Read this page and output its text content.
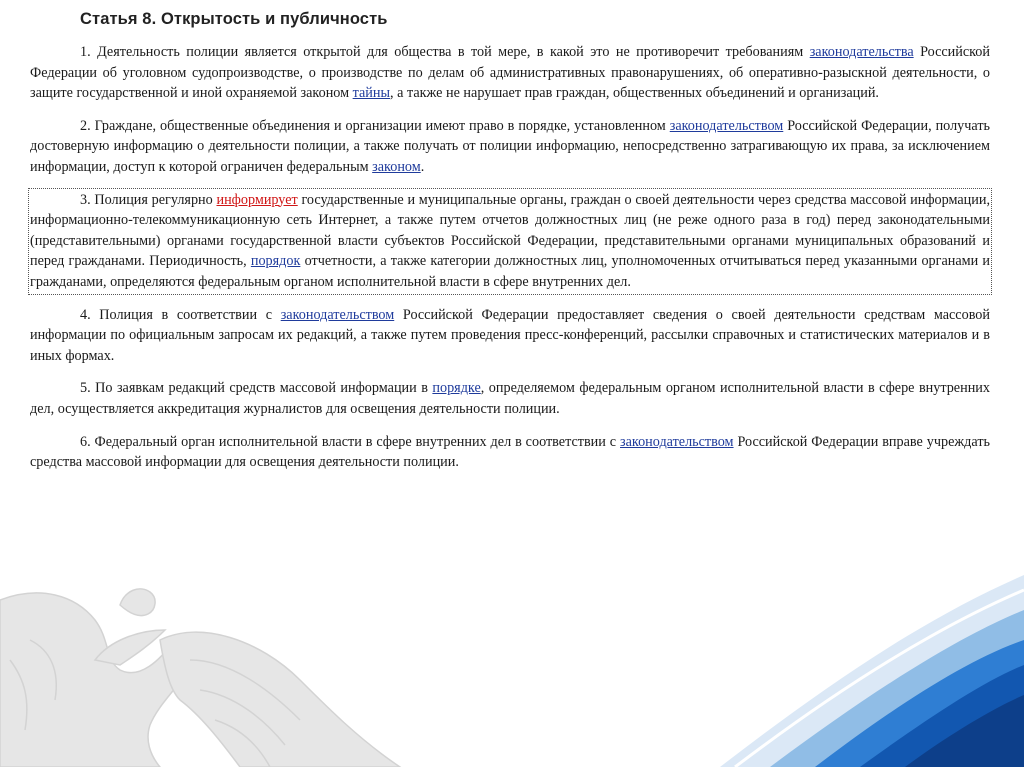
Статья 8. Открытость и публичность

1. Деятельность полиции является открытой для общества в той мере, в какой это не противоречит требованиям законодательства Российской Федерации об уголовном судопроизводстве, о производстве по делам об административных правонарушениях, об оперативно-разыскной деятельности, о защите государственной и иной охраняемой законом тайны, а также не нарушает прав граждан, общественных объединений и организаций.

2. Граждане, общественные объединения и организации имеют право в порядке, установленном законодательством Российской Федерации, получать достоверную информацию о деятельности полиции, а также получать от полиции информацию, непосредственно затрагивающую их права, за исключением информации, доступ к которой ограничен федеральным законом.

3. Полиция регулярно информирует государственные и муниципальные органы, граждан о своей деятельности через средства массовой информации, информационно-телекоммуникационную сеть Интернет, а также путем отчетов должностных лиц (не реже одного раза в год) перед законодательными (представительными) органами государственной власти субъектов Российской Федерации, представительными органами муниципальных образований и перед гражданами. Периодичность, порядок отчетности, а также категории должностных лиц, уполномоченных отчитываться перед указанными органами и гражданами, определяются федеральным органом исполнительной власти в сфере внутренних дел.

4. Полиция в соответствии с законодательством Российской Федерации предоставляет сведения о своей деятельности средствам массовой информации по официальным запросам их редакций, а также путем проведения пресс-конференций, рассылки справочных и статистических материалов и в иных формах.

5. По заявкам редакций средств массовой информации в порядке, определяемом федеральным органом исполнительной власти в сфере внутренних дел, осуществляется аккредитация журналистов для освещения деятельности полиции.

6. Федеральный орган исполнительной власти в сфере внутренних дел в соответствии с законодательством Российской Федерации вправе учреждать средства массовой информации для освещения деятельности полиции.
